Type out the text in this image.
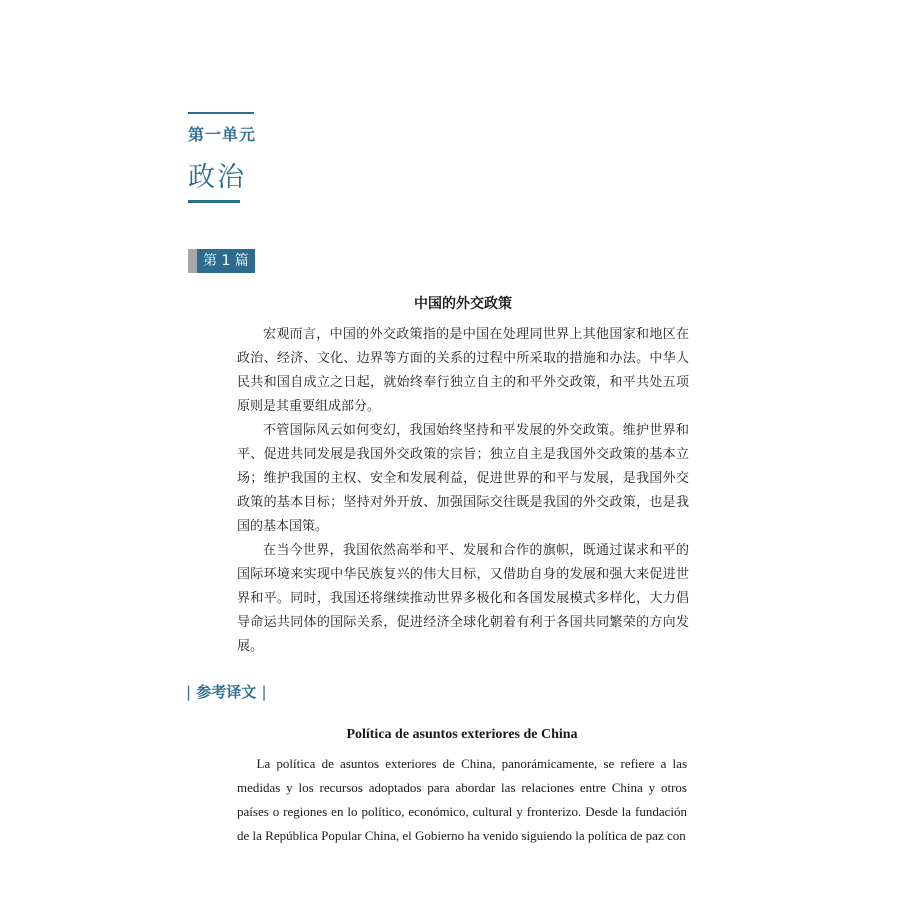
第一单元
政治
第 1 篇

中国的外交政策

宏观而言，中国的外交政策指的是中国在处理同世界上其他国家和地区在政治、经济、文化、边界等方面的关系的过程中所采取的措施和办法。中华人民共和国自成立之日起，就始终奉行独立自主的和平外交政策，和平共处五项原则是其重要组成部分。

不管国际风云如何变幻，我国始终坚持和平发展的外交政策。维护世界和平、促进共同发展是我国外交政策的宗旨；独立自主是我国外交政策的基本立场；维护我国的主权、安全和发展利益，促进世界的和平与发展，是我国外交政策的基本目标；坚持对外开放、加强国际交往既是我国的外交政策，也是我国的基本国策。

在当今世界，我国依然高举和平、发展和合作的旗帜，既通过谋求和平的国际环境来实现中华民族复兴的伟大目标，又借助自身的发展和强大来促进世界和平。同时，我国还将继续推动世界多极化和各国发展模式多样化，大力倡导命运共同体的国际关系，促进经济全球化朝着有利于各国共同繁荣的方向发展。

| 参考译文 |

Política de asuntos exteriores de China

La política de asuntos exteriores de China, panorámicamente, se refiere a las medidas y los recursos adoptados para abordar las relaciones entre China y otros países o regiones en lo político, económico, cultural y fronterizo. Desde la fundación de la República Popular China, el Gobierno ha venido siguiendo la política de paz con
